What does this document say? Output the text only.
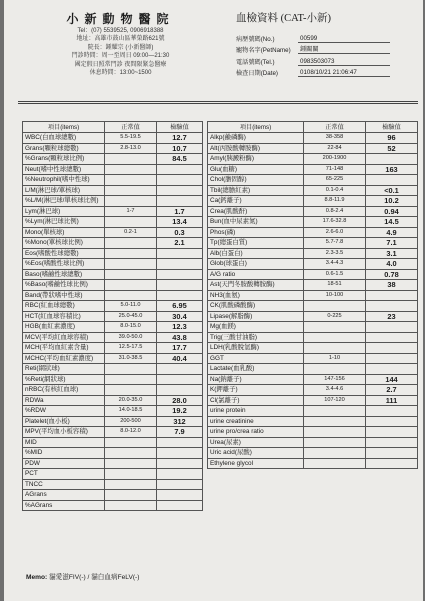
小新動物醫院
Tel：(07) 5539525, 0906918388
地址：高雄市鼓山區華榮路621號
院長：鍾耀宗 (小新醫師)
門診時間：周一至周日 09:00—21:30
國定假日照常門診 夜間限緊急醫療
休息時間：13:00~1500
血檢資料 (CAT-小新)
病歷號碼(No.)	00599
寵物名字(PetName)	鍾關關
電話號碼(Tel.)	0983503073
檢查日期(Date)	0108/10/21 21:06:47
項目(items)	正常值	檢驗值
WBC(白血球總數)	5.5-19.5	12.7
Grans(顆粒球總數)	2.8-13.0	10.7
%Grans(顆粒球比例)		84.5
Neut(嗜中性球總數)		
%Neutrophil(嗜中性球)		
L/M(淋巴球/單核球)		
%L/M(淋巴球/單核球比例)		
Lym(淋巴球)	1-7	1.7
%Lym(淋巴球比例)		13.4
Mono(單核球)	0.2-1	0.3
%Mono(單核球比例)		2.1
Eos(嗜酸性球總數)		
%Eos(嗜酸性球比例)		
Baso(嗜鹼性球總數)		
%Baso(嗜鹼性球比例)		
Band(帶狀嗜中性球)		
RBC(紅血球總數)	5.0-11.0	6.95
HCT(紅血球容積比)	25.0-45.0	30.4
HGB(血紅素濃度)	8.0-15.0	12.3
MCV(平均紅血球容積)	39.0-50.0	43.8
MCH(平均血紅素含量)	12.5-17.5	17.7
MCHC(平均血紅素濃度)	31.0-38.5	40.4
Reti(網狀球)		
%Reti(網狀球)		
nRBC(有核紅血球)		
RDWa	20.0-35.0	28.0
%RDW	14.0-18.5	19.2
Platelet(血小板)	200-500	312
MPV(平均血小板容積)	8.0-12.0	7.9
MID		
%MID		
PDW		
PCT		
TNCC		
AGrans		
%AGrans		
項目(items)	正常值	檢驗值
Alkp(鹼磷酶)	38-358	96
Alt(丙胺酸轉胺酶)	22-84	52
Amyl(胰澱粉酶)	200-1900	
Glu(血糖)	71-148	163
Chol(膽固醇)	65-225	
Tbil(總膽紅素)	0.1-0.4	<0.1
Ca(鈣離子)	8.8-11.9	10.2
Crea(肌酸酐)	0.8-2.4	0.94
Bun(血中尿素氮)	17.6-32.8	14.5
Phos(磷)	2.6-6.0	4.9
Tp(總蛋白質)	5.7-7.8	7.1
Alb(白蛋白)	2.3-3.5	3.1
Glob(球蛋白)	3.4-4.3	4.0
A/G ratio	0.6-1.5	0.78
Ast(天門冬胺酸轉胺酶)	18-51	38
NH3(血氨)	10-100	
CK(肌酸磷酸酶)		
Lipase(解脂酶)	0-225	23
Mg(血鎂)		
Trig(三酸甘油脂)		
LDH(乳酸脫氫酶)		
GGT	1-10	
Lactate(血乳酸)		
Na(鈉離子)	147-156	144
K(鉀離子)	3.4-4.6	2.7
Cl(氯離子)	107-120	111
urine protein		
urine creatinine		
urine pro/crea ratio		
Urea(尿素)		
Uric acid(尿酸)		
Ethylene glycol		
Memo: 貓愛滋FIV(-) / 貓白血病FeLV(-)
